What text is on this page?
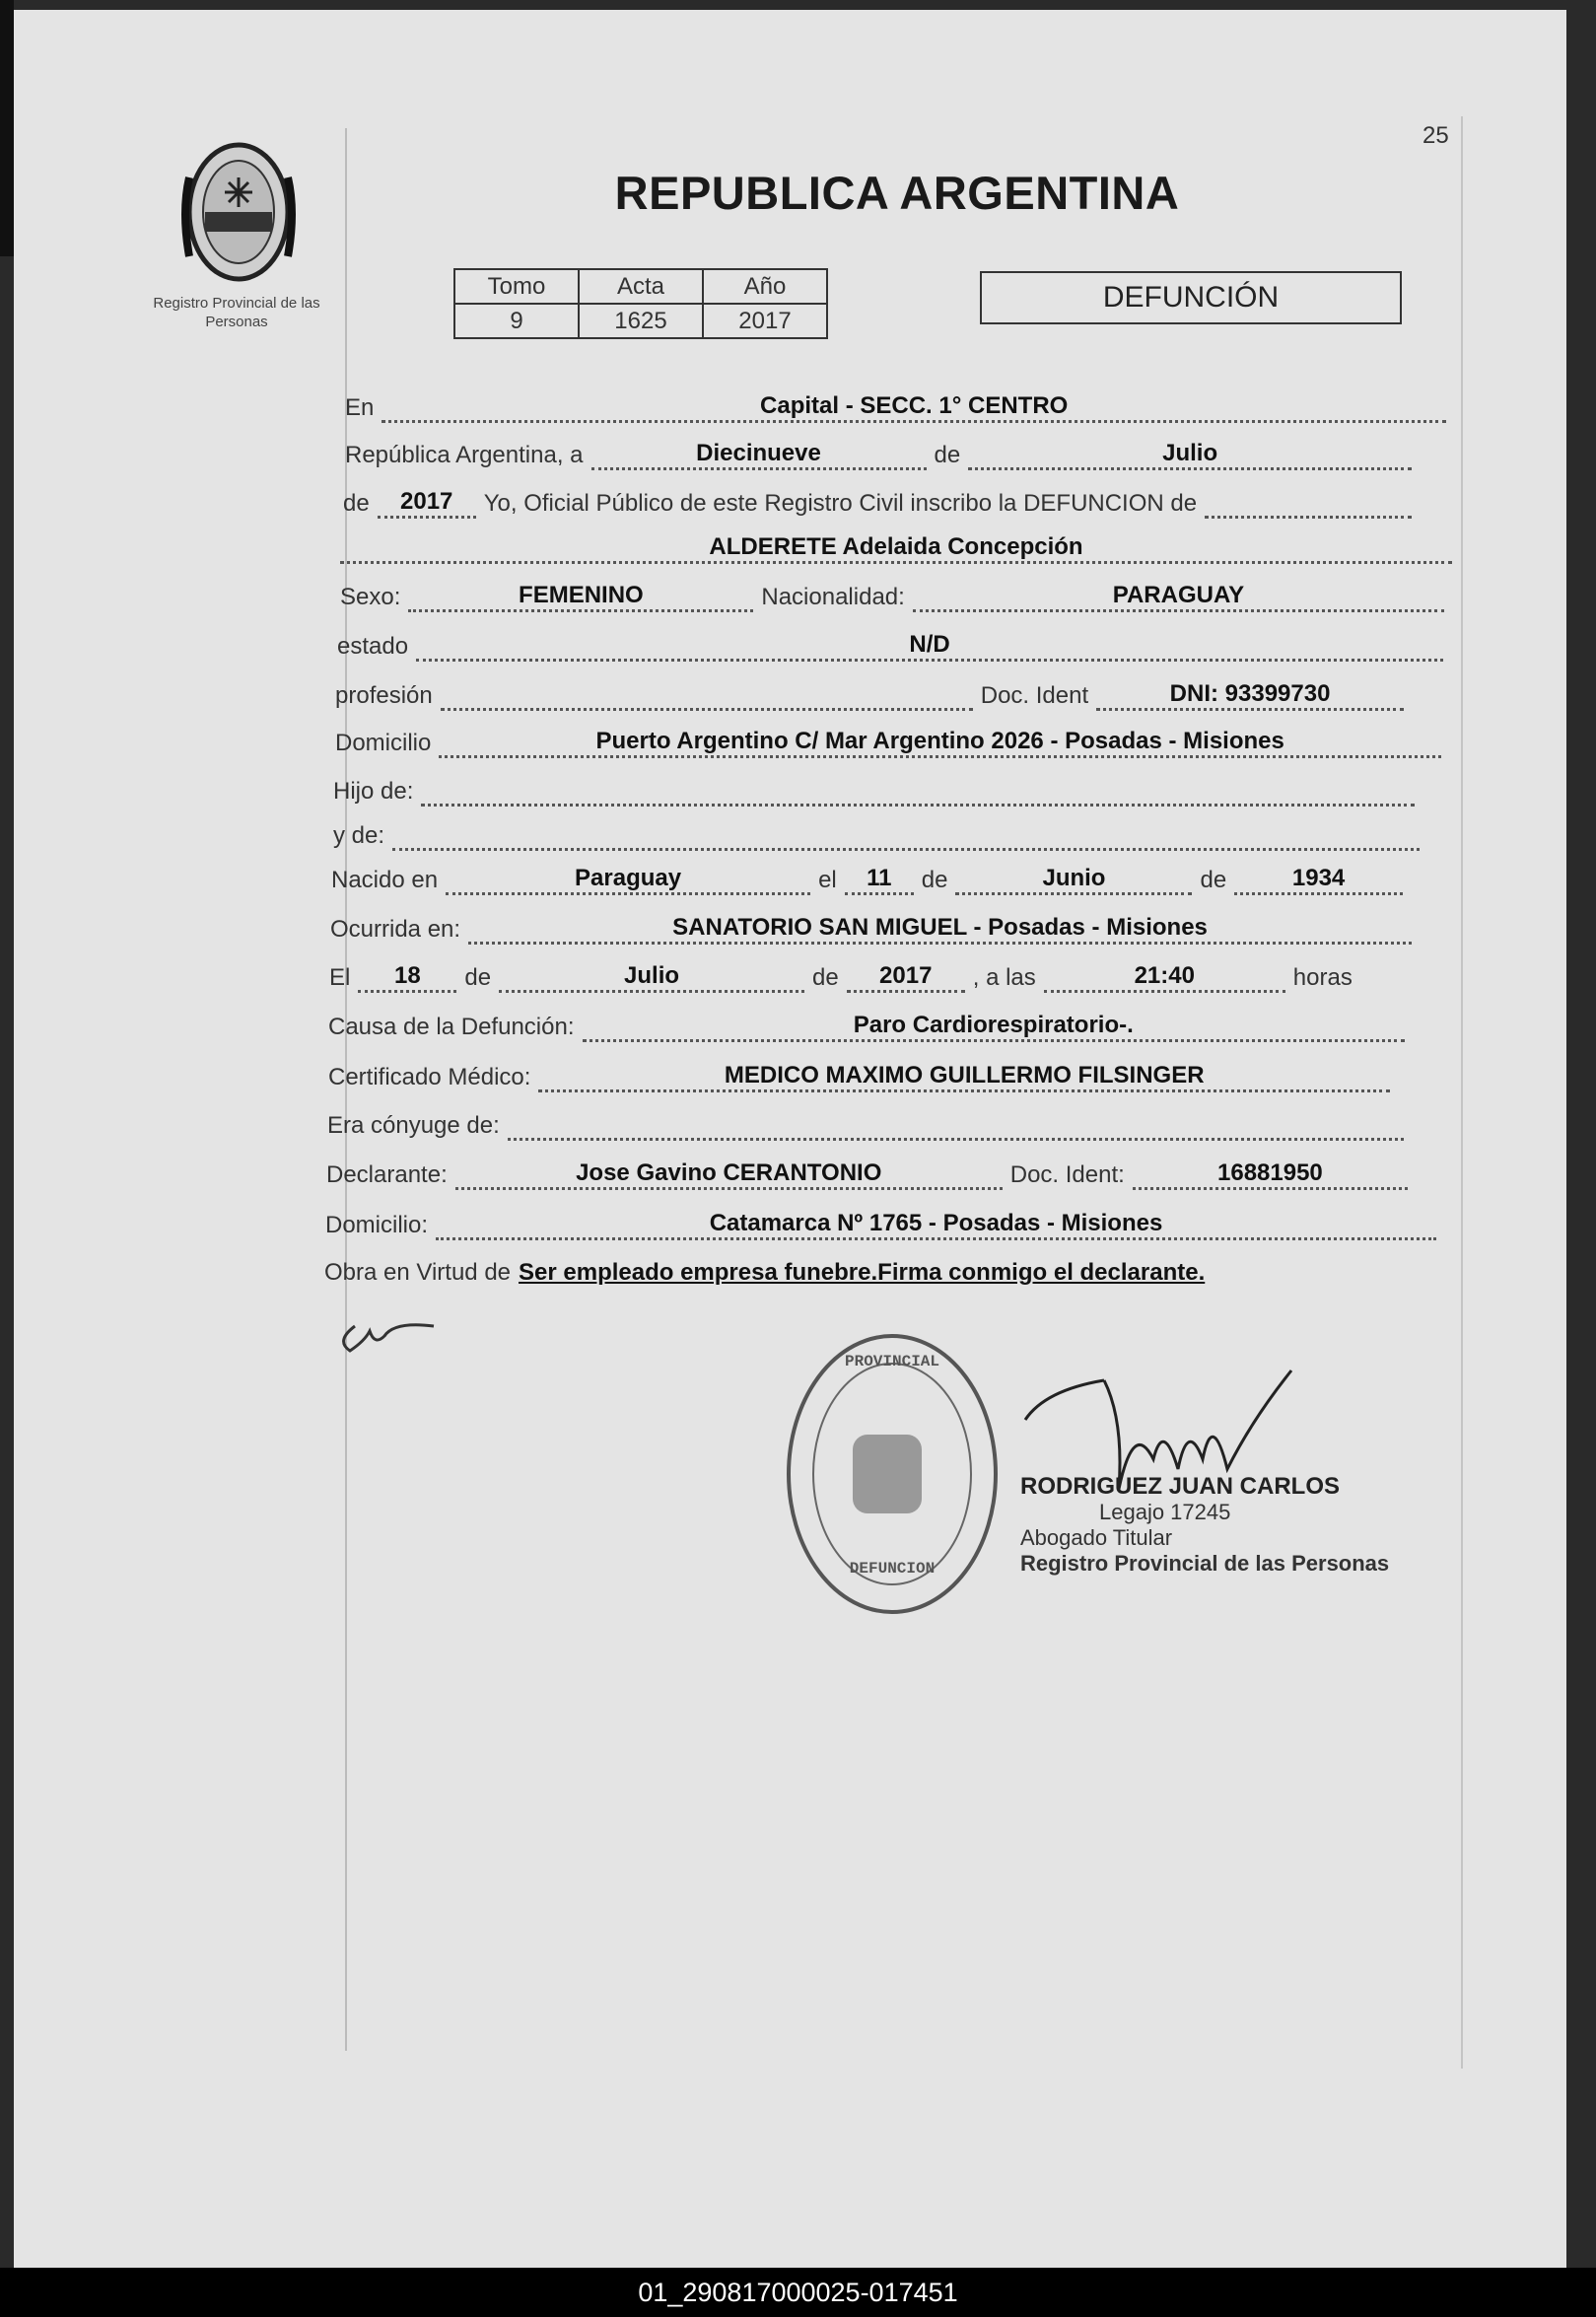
25
Registro Provincial de las Personas
REPUBLICA ARGENTINA
Tomo	Acta	Año
9	1625	2017
DEFUNCIÓN
En	Capital - SECC. 1° CENTRO
República Argentina, a	Diecinueve	de	Julio
de	2017	Yo, Oficial Público de este Registro Civil inscribo la DEFUNCION de
ALDERETE Adelaida Concepción
Sexo:	FEMENINO	Nacionalidad:	PARAGUAY
estado	N/D
profesión	Doc. Ident	DNI: 93399730
Domicilio	Puerto Argentino C/ Mar Argentino 2026 - Posadas - Misiones
Hijo de:
y de:
Nacido en	Paraguay	el	11	de	Junio	de	1934
Ocurrida en:	SANATORIO SAN MIGUEL - Posadas - Misiones
El	18	de	Julio	de	2017	, a las	21:40	horas
Causa de la Defunción:	Paro Cardiorespiratorio-.
Certificado Médico:	MEDICO MAXIMO GUILLERMO FILSINGER
Era cónyuge de:
Declarante:	Jose Gavino CERANTONIO	Doc. Ident:	16881950
Domicilio:	Catamarca Nº 1765 - Posadas - Misiones
Obra en Virtud de Ser empleado empresa funebre.Firma conmigo el declarante.
PROVINCIAL
DEFUNCION
RODRIGUEZ JUAN CARLOS
Legajo 17245
Abogado Titular
Registro Provincial de las Personas
01_290817000025-017451
